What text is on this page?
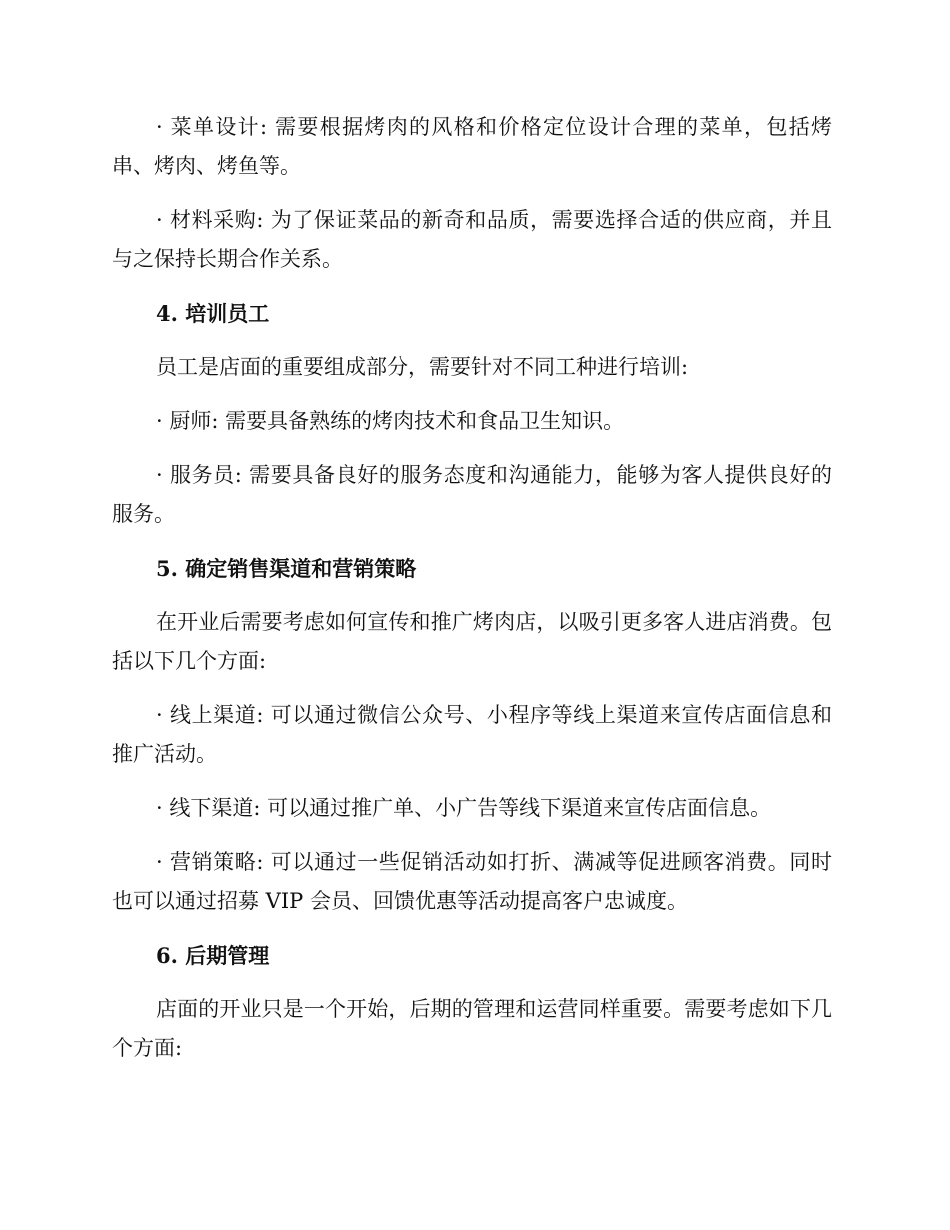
· 菜单设计: 需要根据烤肉的风格和价格定位设计合理的菜单，包括烤串、烤肉、烤鱼等。

· 材料采购: 为了保证菜品的新奇和品质，需要选择合适的供应商，并且与之保持长期合作关系。

4. 培训员工

员工是店面的重要组成部分，需要针对不同工种进行培训:

· 厨师: 需要具备熟练的烤肉技术和食品卫生知识。

· 服务员: 需要具备良好的服务态度和沟通能力，能够为客人提供良好的服务。

5. 确定销售渠道和营销策略

在开业后需要考虑如何宣传和推广烤肉店，以吸引更多客人进店消费。包括以下几个方面:

· 线上渠道: 可以通过微信公众号、小程序等线上渠道来宣传店面信息和推广活动。

· 线下渠道: 可以通过推广单、小广告等线下渠道来宣传店面信息。

· 营销策略: 可以通过一些促销活动如打折、满减等促进顾客消费。同时也可以通过招募 VIP 会员、回馈优惠等活动提高客户忠诚度。

6. 后期管理

店面的开业只是一个开始，后期的管理和运营同样重要。需要考虑如下几个方面:
